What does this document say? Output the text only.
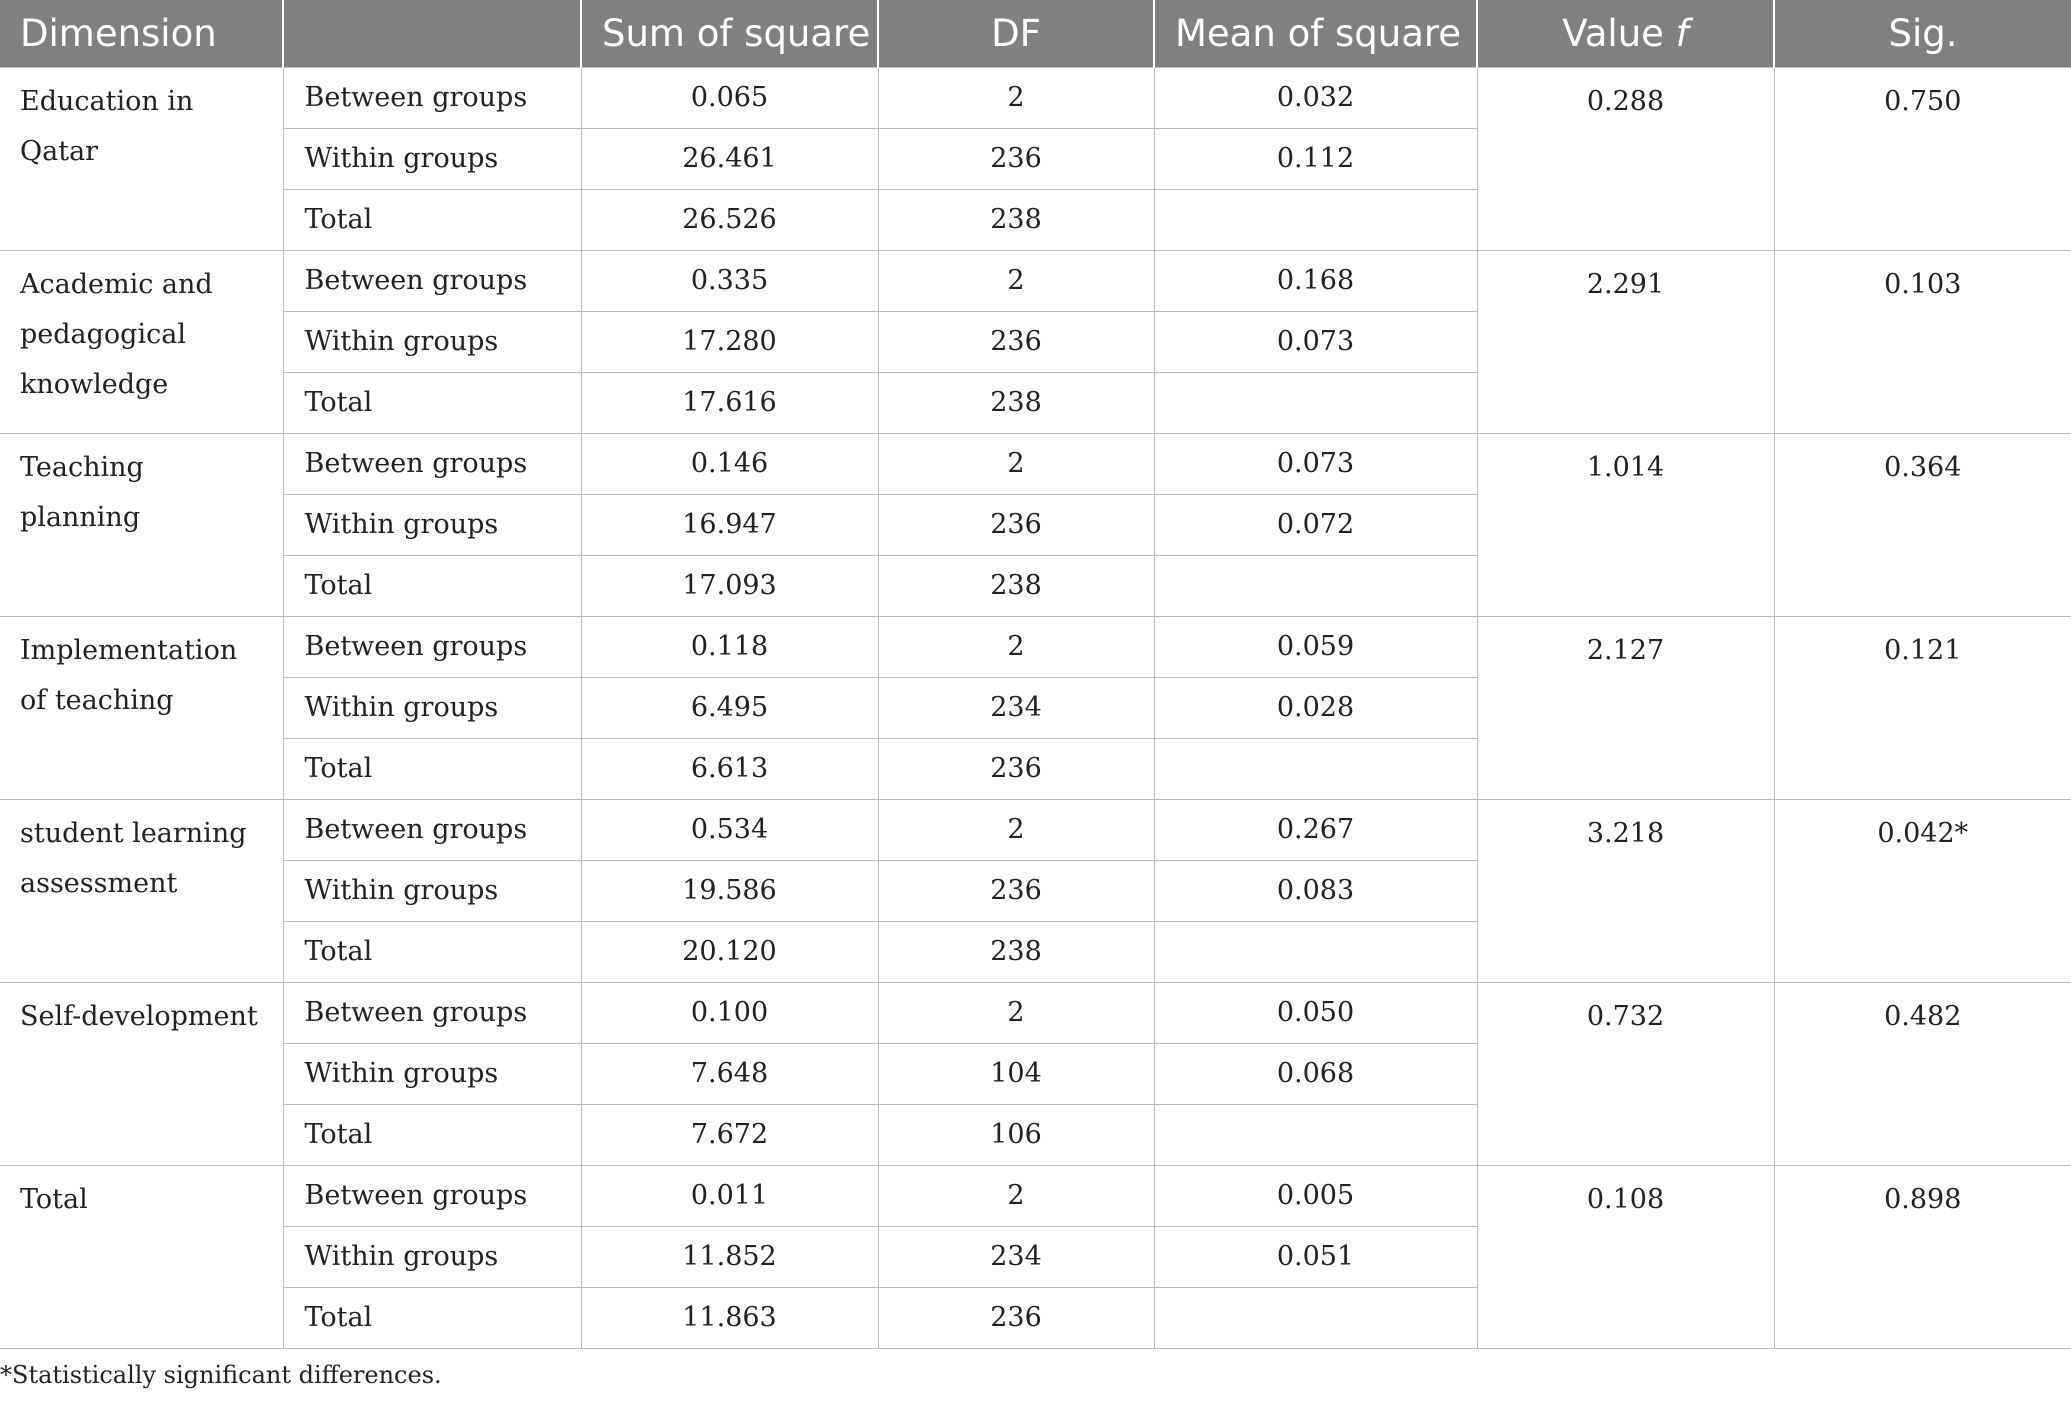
Dimension		Sum of square	DF	Mean of square	Value f	Sig.
Education in Qatar	Between groups	0.065	2	0.032	0.288	0.750
	Within groups	26.461	236	0.112		
	Total	26.526	238			
Academic and pedagogical knowledge	Between groups	0.335	2	0.168	2.291	0.103
	Within groups	17.280	236	0.073		
	Total	17.616	238			
Teaching planning	Between groups	0.146	2	0.073	1.014	0.364
	Within groups	16.947	236	0.072		
	Total	17.093	238			
Implementation of teaching	Between groups	0.118	2	0.059	2.127	0.121
	Within groups	6.495	234	0.028		
	Total	6.613	236			
student learning assessment	Between groups	0.534	2	0.267	3.218	0.042*
	Within groups	19.586	236	0.083		
	Total	20.120	238			
Self-development	Between groups	0.100	2	0.050	0.732	0.482
	Within groups	7.648	104	0.068		
	Total	7.672	106			
Total	Between groups	0.011	2	0.005	0.108	0.898
	Within groups	11.852	234	0.051		
	Total	11.863	236			
*Statistically significant differences.
